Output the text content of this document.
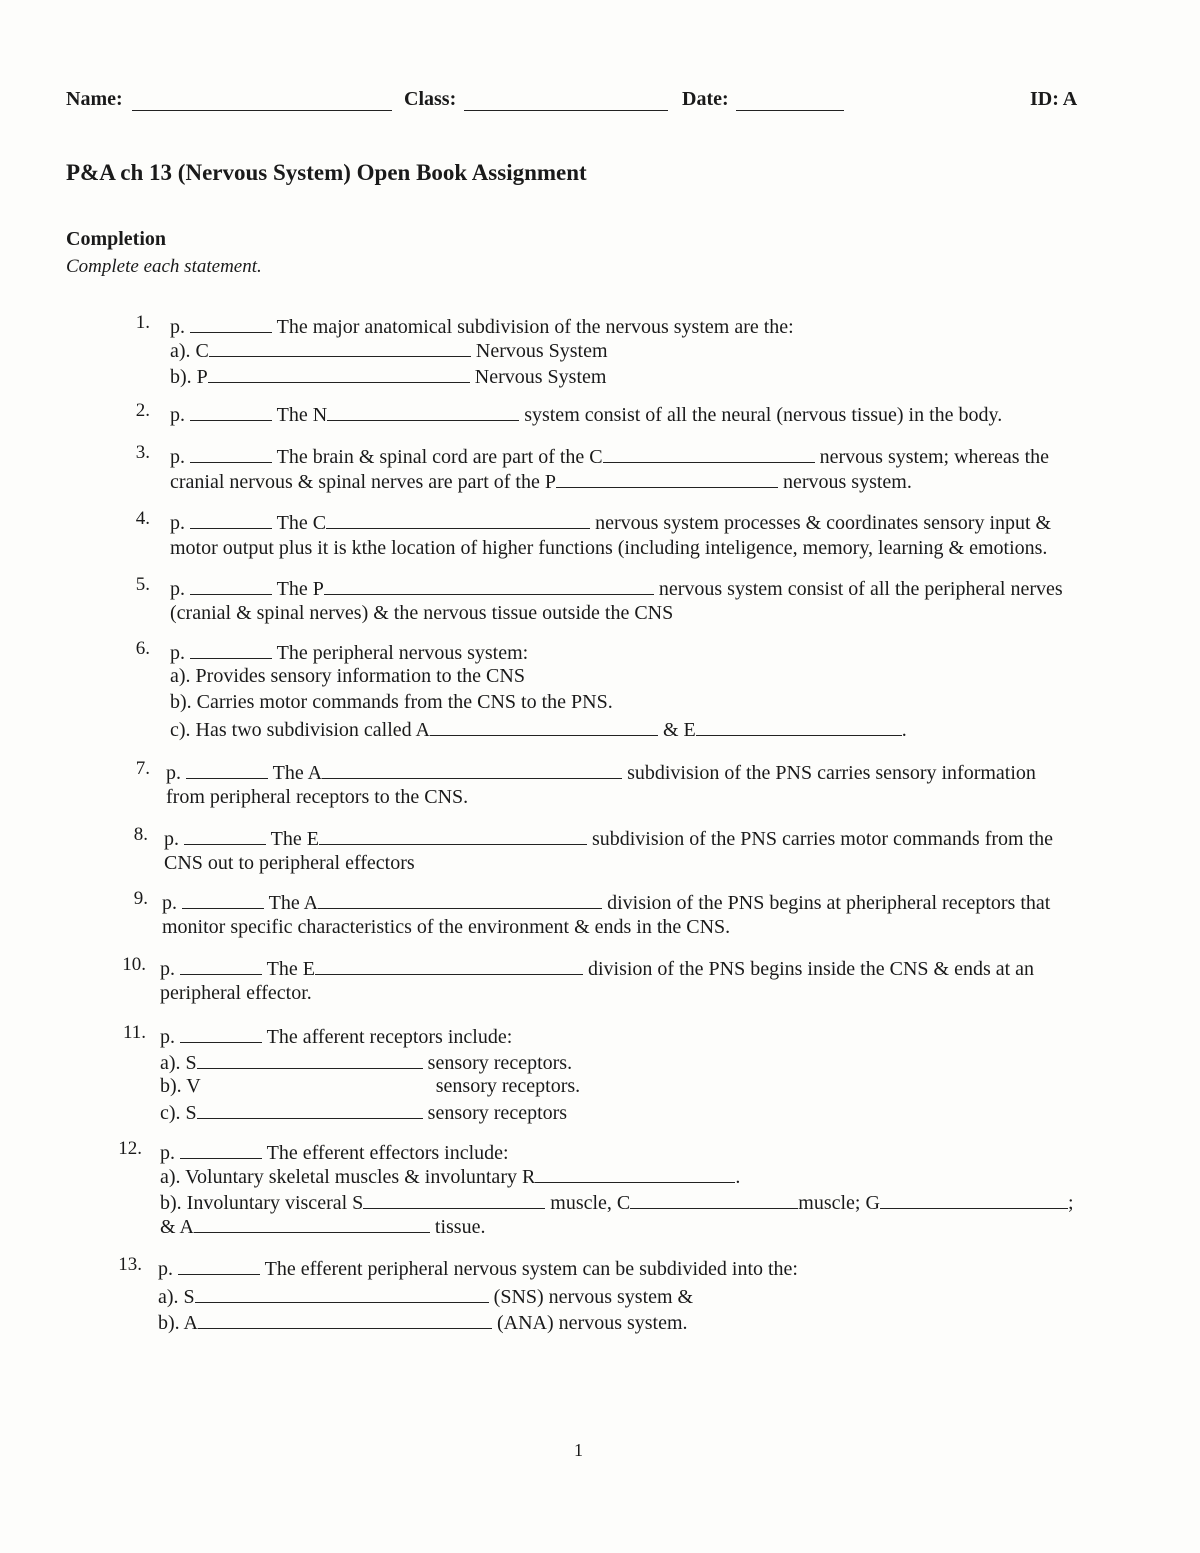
Name:	Class:	Date:	ID: A
P&A ch 13 (Nervous System) Open Book Assignment
Completion
Complete each statement.
1. p.	The major anatomical subdivision of the nervous system are the:
a). C	Nervous System
b). P	Nervous System
2. p.	The N	system consist of all the neural (nervous tissue) in the body.
3. p.	The brain & spinal cord are part of the C	nervous system; whereas the
cranial nervous & spinal nerves are part of the P	nervous system.
4. p.	The C	nervous system processes & coordinates sensory input &
motor output plus it is kthe location of higher functions (including inteligence, memory, learning & emotions.
5. p.	The P	nervous system consist of all the peripheral nerves
(cranial & spinal nerves) & the nervous tissue outside the CNS
6. p.	The peripheral nervous system:
a). Provides sensory information to the CNS
b). Carries motor commands from the CNS to the PNS.
c). Has two subdivision called A	& E	.
7. p.	The A	subdivision of the PNS carries sensory information
from peripheral receptors to the CNS.
8. p.	The E	subdivision of the PNS carries motor commands from the
CNS out to peripheral effectors
9. p.	The A	division of the PNS begins at pheripheral receptors that
monitor specific characteristics of the environment & ends in the CNS.
10. p.	The E	division of the PNS begins inside the CNS & ends at an
peripheral effector.
11. p.	The afferent receptors include:
a). S	sensory receptors.
b). V	sensory receptors.
c). S	sensory receptors
12. p.	The efferent effectors include:
a). Voluntary skeletal muscles & involuntary R	.
b). Involuntary visceral S	muscle, C	muscle; G	;
& A	tissue.
13. p.	The efferent peripheral nervous system can be subdivided into the:
a). S	(SNS) nervous system &
b). A	(ANA) nervous system.
1
